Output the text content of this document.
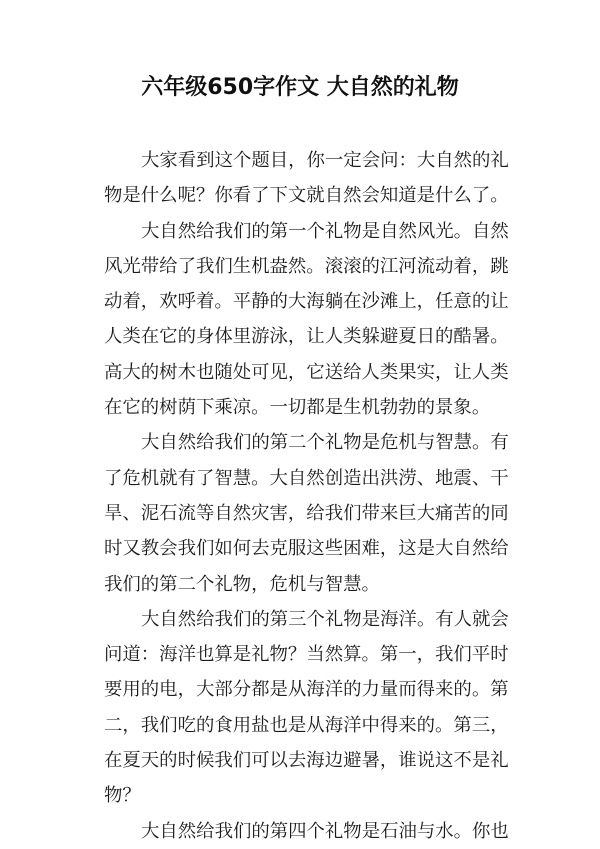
六年级650字作文 大自然的礼物
大家看到这个题目，你一定会问：大自然的礼
物是什么呢？你看了下文就自然会知道是什么了。
大自然给我们的第一个礼物是自然风光。自然
风光带给了我们生机盎然。滚滚的江河流动着，跳
动着，欢呼着。平静的大海躺在沙滩上，任意的让
人类在它的身体里游泳，让人类躲避夏日的酷暑。
高大的树木也随处可见，它送给人类果实，让人类
在它的树荫下乘凉。一切都是生机勃勃的景象。
大自然给我们的第二个礼物是危机与智慧。有
了危机就有了智慧。大自然创造出洪涝、地震、干
旱、泥石流等自然灾害，给我们带来巨大痛苦的同
时又教会我们如何去克服这些困难，这是大自然给
我们的第二个礼物，危机与智慧。
大自然给我们的第三个礼物是海洋。有人就会
问道：海洋也算是礼物？当然算。第一，我们平时
要用的电，大部分都是从海洋的力量而得来的。第
二，我们吃的食用盐也是从海洋中得来的。第三，
在夏天的时候我们可以去海边避暑，谁说这不是礼
物？
大自然给我们的第四个礼物是石油与水。你也
